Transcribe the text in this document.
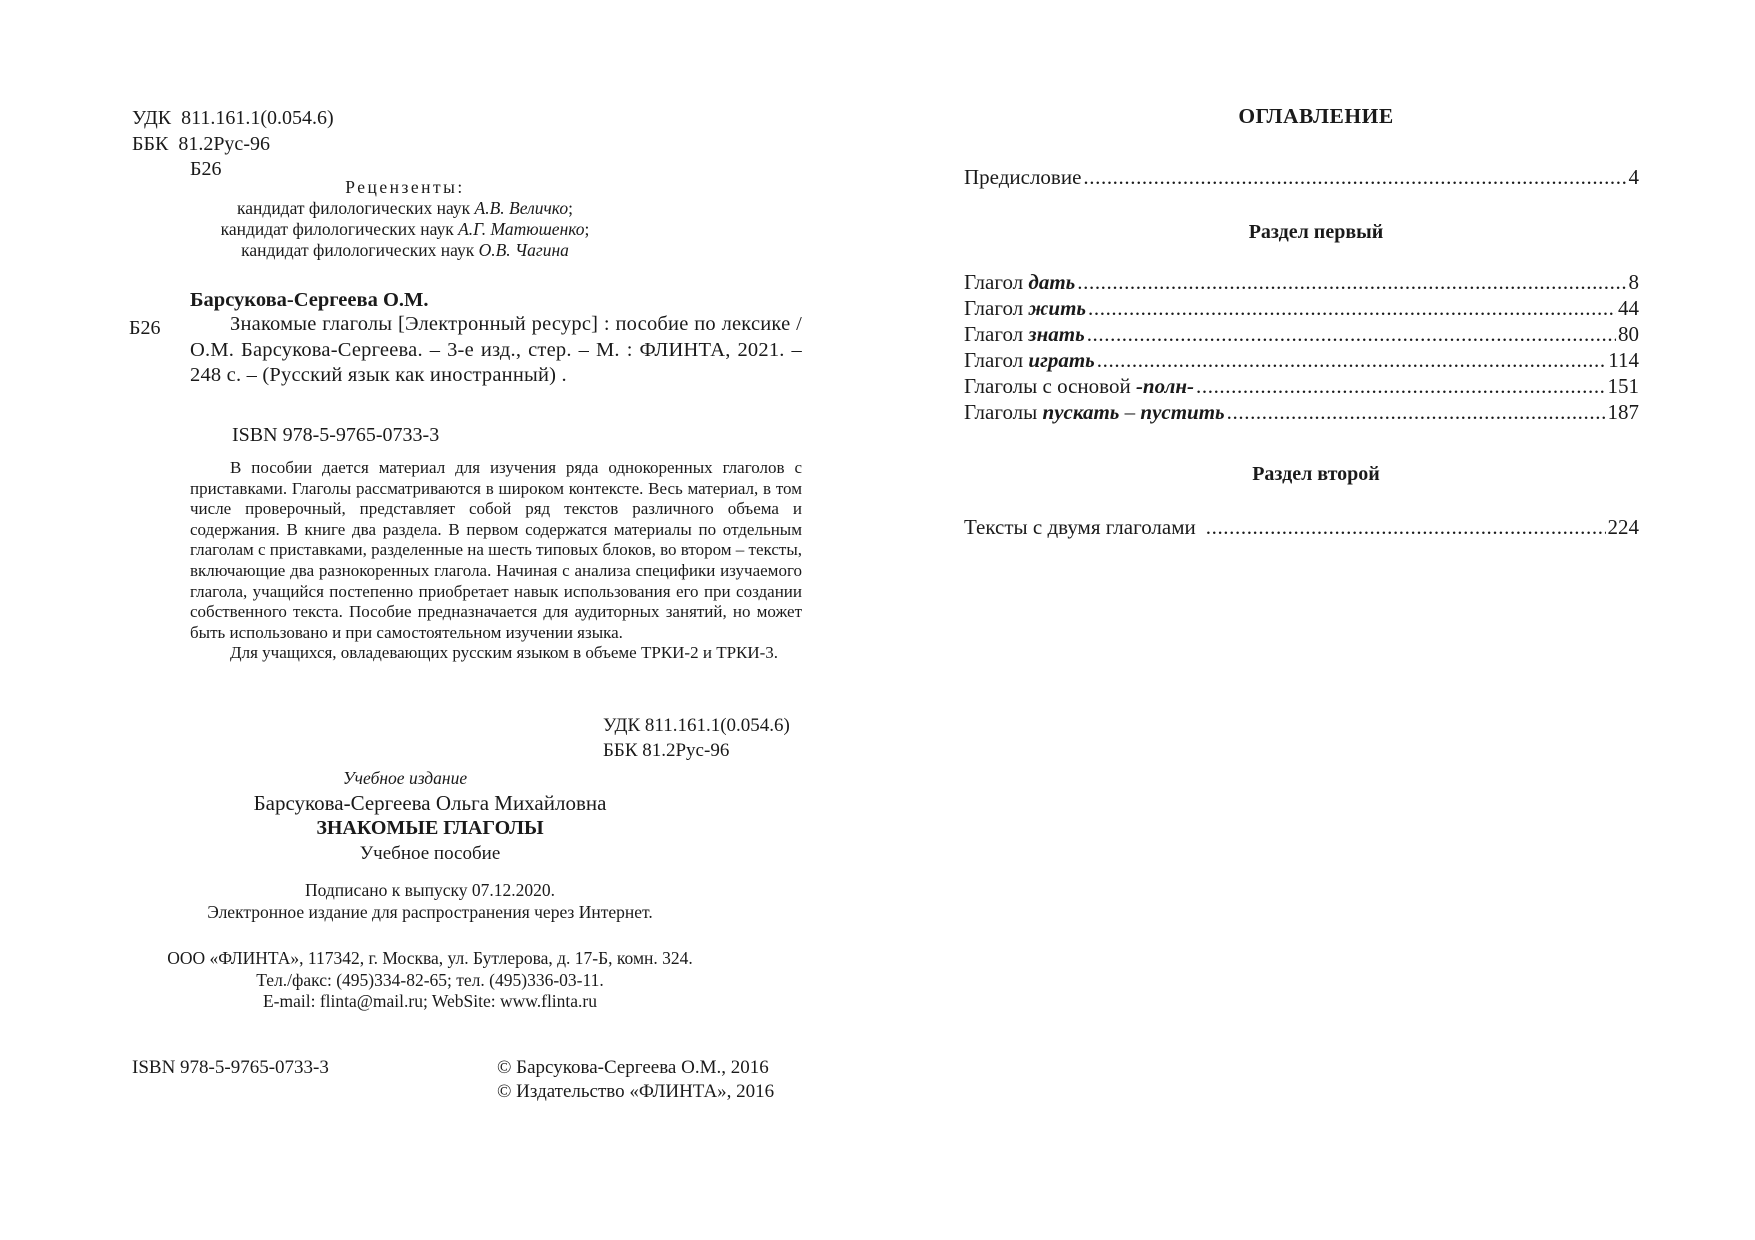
УДК 811.161.1(0.054.6)
ББК 81.2Рус-96
Б26
Рецензенты:
кандидат филологических наук А.В. Величко;
кандидат филологических наук А.Г. Матюшенко;
кандидат филологических наук О.В. Чагина
Барсукова-Сергеева О.М.
Б26	Знакомые глаголы [Электронный ресурс] : пособие по лексике / О.М. Барсукова-Сергеева. – 3-е изд., стер. – М. : ФЛИНТА, 2021. – 248 с. – (Русский язык как иностранный) .
ISBN 978-5-9765-0733-3

В пособии дается материал для изучения ряда однокоренных глаголов с приставками. Глаголы рассматриваются в широком контексте. Весь материал, в том числе проверочный, представляет собой ряд текстов различного объема и содержания. В книге два раздела. В первом содержатся материалы по отдельным глаголам с приставками, разделенные на шесть типовых блоков, во втором – тексты, включающие два разнокоренных глагола. Начиная с анализа специфики изучаемого глагола, учащийся постепенно приобретает навык использования его при создании собственного текста. Пособие предназначается для аудиторных занятий, но может быть использовано и при самостоятельном изучении языка.

Для учащихся, овладевающих русским языком в объеме ТРКИ-2 и ТРКИ-3.

УДК 811.161.1(0.054.6)
ББК 81.2Рус-96
Учебное издание
Барсукова-Сергеева Ольга Михайловна
ЗНАКОМЫЕ ГЛАГОЛЫ
Учебное пособие
Подписано к выпуску 07.12.2020.
Электронное издание для распространения через Интернет.
ООО «ФЛИНТА», 117342, г. Москва, ул. Бутлерова, д. 17-Б, комн. 324.
Тел./факс: (495)334-82-65; тел. (495)336-03-11.
E-mail: flinta@mail.ru; WebSite: www.flinta.ru
ISBN 978-5-9765-0733-3	© Барсукова-Сергеева О.М., 2016
© Издательство «ФЛИНТА», 2016
ОГЛАВЛЕНИЕ
Предисловие .....	4
Раздел первый
Глагол дать .....	8
Глагол жить .....	44
Глагол знать .....	80
Глагол играть .....	114
Глаголы с основой -полн- .....	151
Глаголы пускать – пустить .....	187
Раздел второй
Тексты с двумя глаголами .....	224
